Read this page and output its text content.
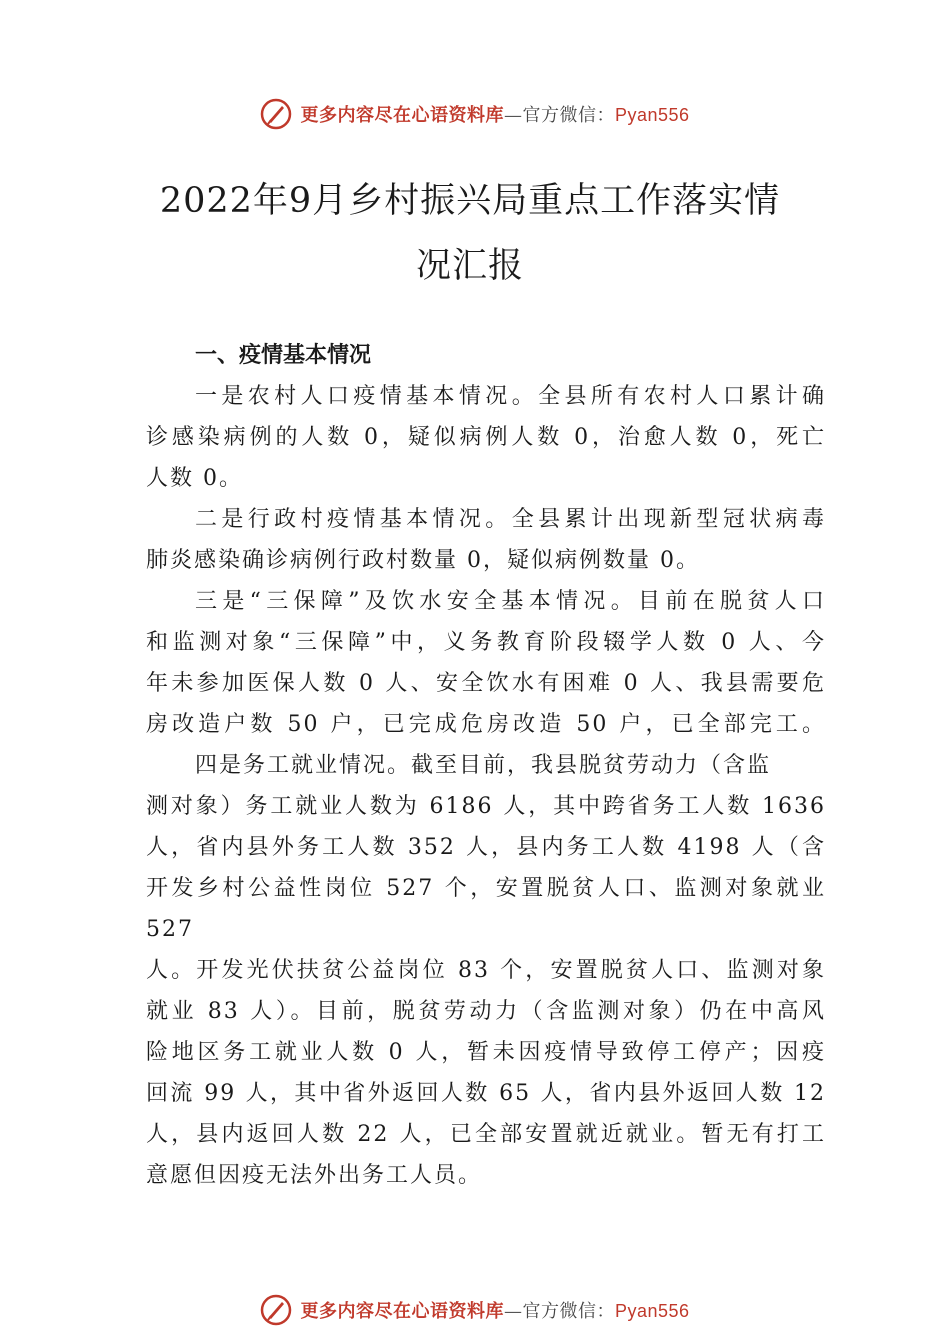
更多内容尽在心语资料库—官方微信：Pyan556
2022年9月乡村振兴局重点工作落实情
况汇报
一、疫情基本情况
一是农村人口疫情基本情况。全县所有农村人口累计确
诊感染病例的人数 0，疑似病例人数 0，治愈人数 0，死亡
人数 0。
二是行政村疫情基本情况。全县累计出现新型冠状病毒
肺炎感染确诊病例行政村数量 0，疑似病例数量 0。
三是“三保障”及饮水安全基本情况。目前在脱贫人口
和监测对象“三保障”中，义务教育阶段辍学人数 0 人、今
年未参加医保人数 0 人、安全饮水有困难 0 人、我县需要危
房改造户数 50 户，已完成危房改造 50 户，已全部完工。
四是务工就业情况。截至目前，我县脱贫劳动力（含监
测对象）务工就业人数为 6186 人，其中跨省务工人数 1636
人，省内县外务工人数 352 人，县内务工人数 4198 人（含
开发乡村公益性岗位 527 个，安置脱贫人口、监测对象就业
527
人。开发光伏扶贫公益岗位 83 个，安置脱贫人口、监测对象
就业 83 人）。目前，脱贫劳动力（含监测对象）仍在中高风
险地区务工就业人数 0 人，暂未因疫情导致停工停产；因疫
回流 99 人，其中省外返回人数 65 人，省内县外返回人数 12
人，县内返回人数 22 人，已全部安置就近就业。暂无有打工
意愿但因疫无法外出务工人员。
更多内容尽在心语资料库—官方微信：Pyan556
